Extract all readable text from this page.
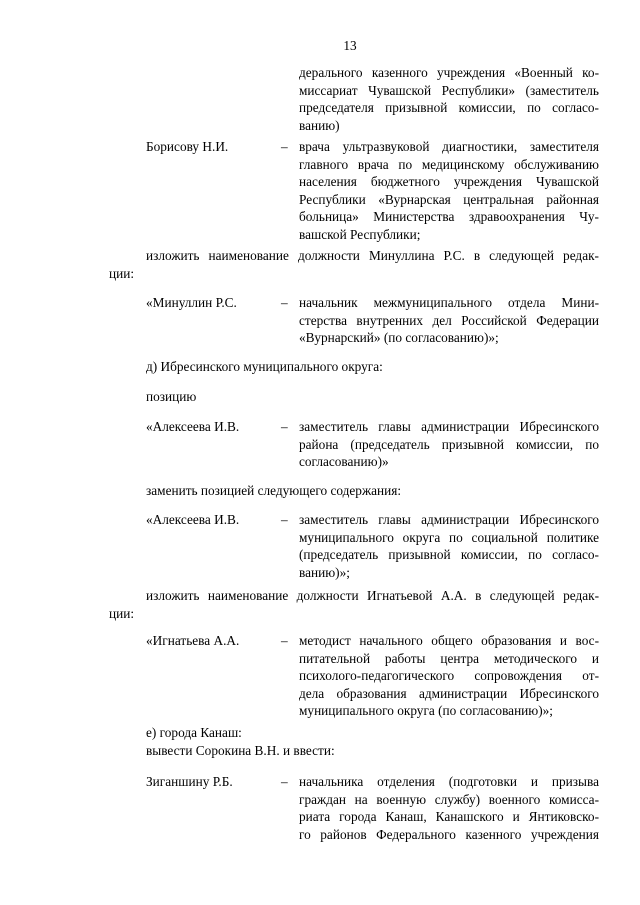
13
дерального казенного учреждения «Военный ко-
миссариат Чувашской Республики» (заместитель
председателя призывной комиссии, по согласо-
ванию)
Борисову Н.И.	– врача ультразвуковой диагностики, заместителя
главного врача по медицинскому обслуживанию
населения бюджетного учреждения Чувашской
Республики «Вурнарская центральная районная
больница» Министерства здравоохранения Чу-
вашской Республики;
изложить наименование должности Минуллина Р.С. в следующей редак-
ции:
«Минуллин Р.С.	– начальник межмуниципального отдела Мини-
стерства внутренних дел Российской Федерации
«Вурнарский» (по согласованию)»;
д) Ибресинского муниципального округа:
позицию
«Алексеева И.В.	– заместитель главы администрации Ибресинского
района (председатель призывной комиссии, по
согласованию)»
заменить позицией следующего содержания:
«Алексеева И.В.	– заместитель главы администрации Ибресинского
муниципального округа по социальной политике
(председатель призывной комиссии, по согласо-
ванию)»;
изложить наименование должности Игнатьевой А.А. в следующей редак-
ции:
«Игнатьева А.А.	– методист начального общего образования и вос-
питательной работы центра методического и
психолого-педагогического сопровождения от-
дела образования администрации Ибресинского
муниципального округа (по согласованию)»;
е) города Канаш:
вывести Сорокина В.Н. и ввести:
Зиганшину Р.Б.	– начальника отделения (подготовки и призыва
граждан на военную службу) военного комисса-
риата города Канаш, Канашского и Янтиковско-
го районов Федерального казенного учреждения
